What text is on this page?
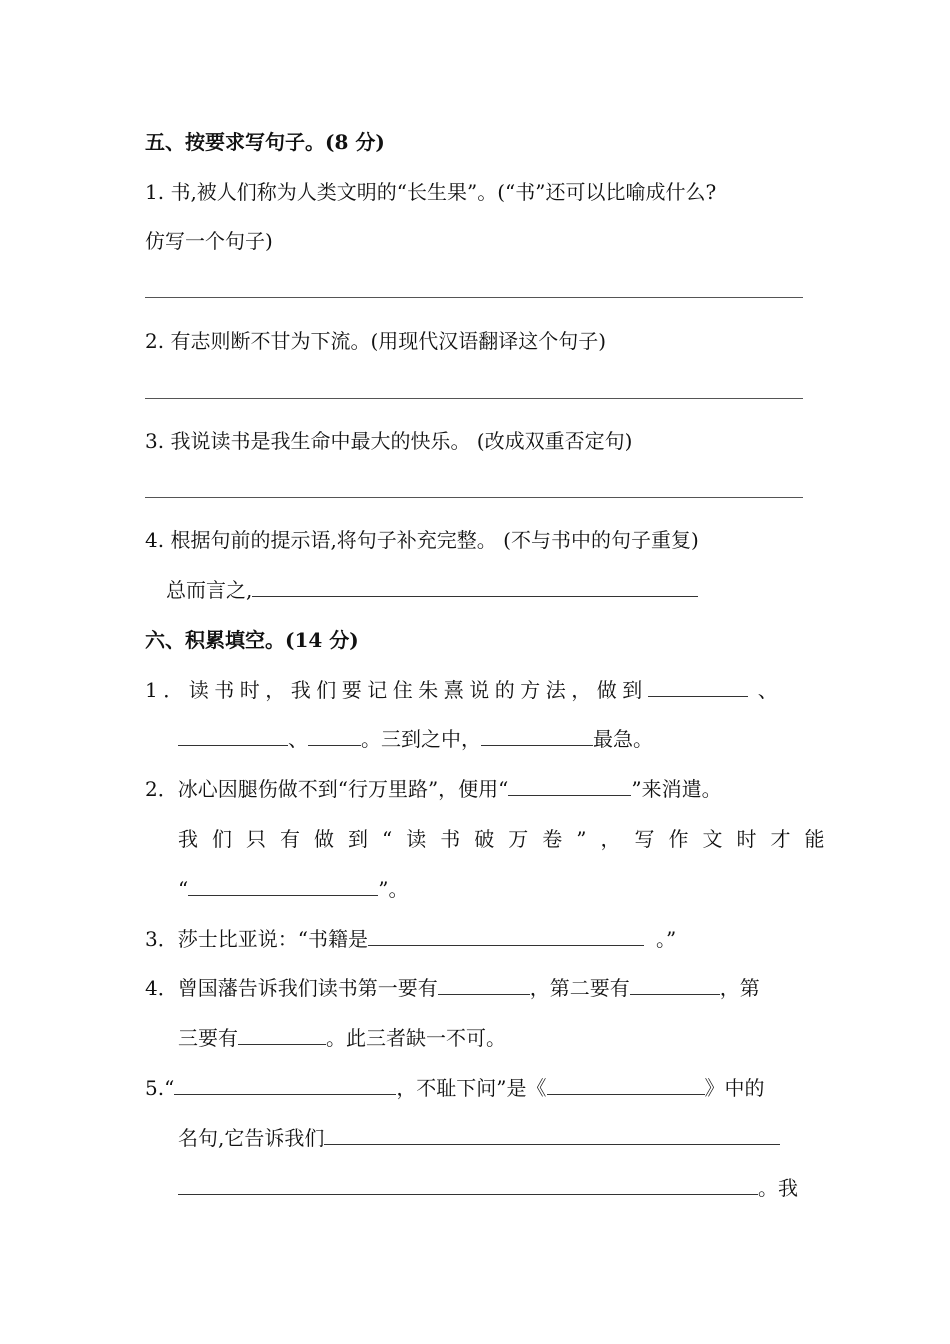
五、按要求写句子。(8 分)
1. 书,被人们称为人类文明的“长生果”。(“书”还可以比喻成什么?
仿写一个句子)
2. 有志则断不甘为下流。(用现代汉语翻译这个句子)
3. 我说读书是我生命中最大的快乐。 (改成双重否定句)
4. 根据句前的提示语,将句子补充完整。 (不与书中的句子重复)
总而言之,
六、积累填空。(14 分)
1．读书时，我们要记住朱熹说的方法，做到	、
、	。三到之中，	最急。
2．冰心因腿伤做不到“行万里路”，便用“	”来消遣。
我们只有做到“读书破万卷”，写作文时才能
“	”。
3．莎士比亚说：“书籍是	。”
4．曾国藩告诉我们读书第一要有	，第二要有	，第
三要有	。此三者缺一不可。
5.“	，不耻下问”是《	》中的
名句,它告诉我们
。我
